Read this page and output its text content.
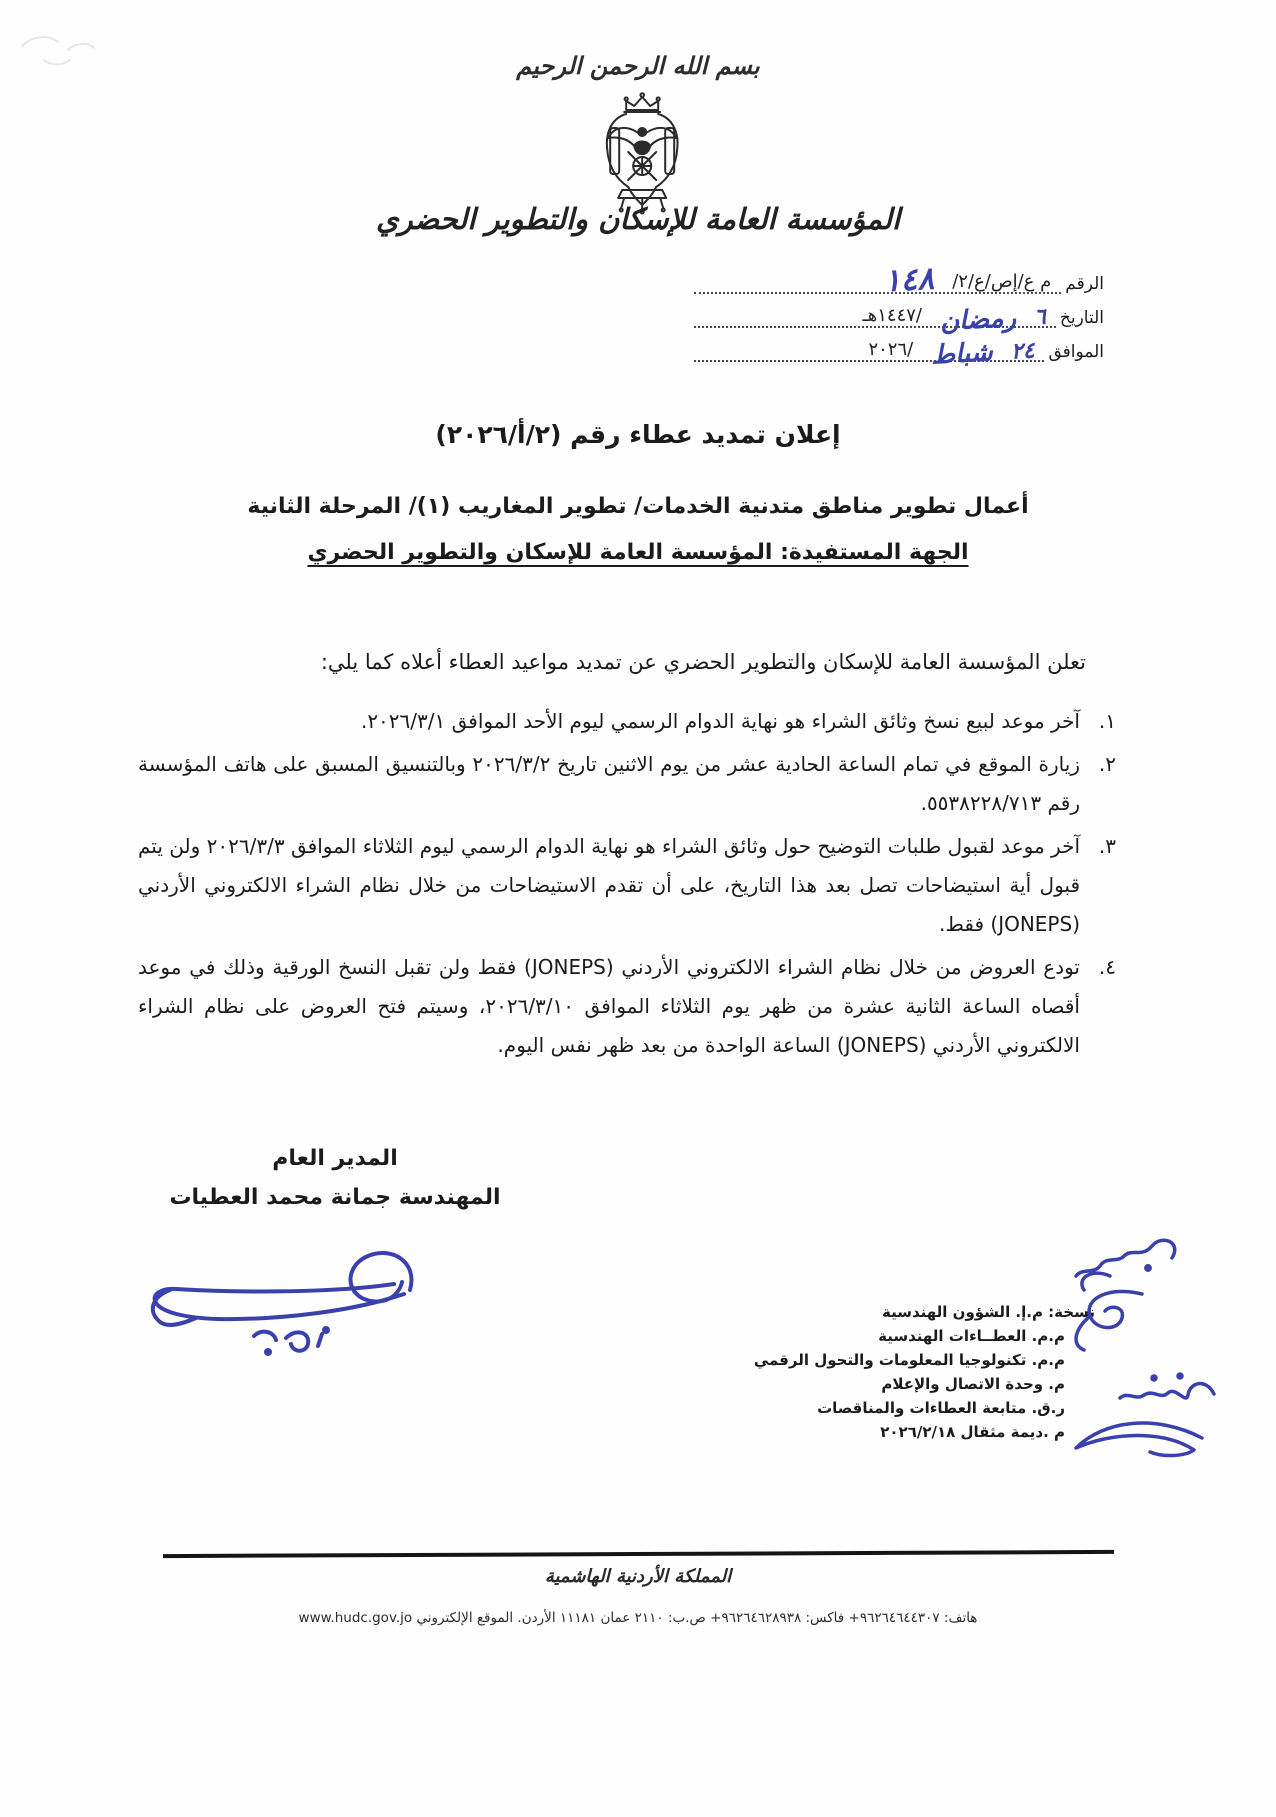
بسم الله الرحمن الرحيم
المؤسسة العامة للإسكان والتطوير الحضري
الرقم
م ع/إص/ع/٢/
١٤٨
التاريخ
٦
رمضان
/١٤٤٧هـ
الموافق
٢٤
شباط
/٢٠٢٦
إعلان تمديد عطاء رقم (٢/أ/٢٠٢٦)
أعمال تطوير مناطق متدنية الخدمات/ تطوير المغاريب (١)/ المرحلة الثانية
الجهة المستفيدة: المؤسسة العامة للإسكان والتطوير الحضري
تعلن المؤسسة العامة للإسكان والتطوير الحضري عن تمديد مواعيد العطاء أعلاه كما يلي:
١.
آخر موعد لبيع نسخ وثائق الشراء هو نهاية الدوام الرسمي ليوم الأحد الموافق ٢٠٢٦/٣/١.
٢.
زيارة الموقع في تمام الساعة الحادية عشر من يوم الاثنين تاريخ ٢٠٢٦/٣/٢ وبالتنسيق المسبق على هاتف المؤسسة رقم ٥٥٣٨٢٢٨/٧١٣.
٣.
آخر موعد لقبول طلبات التوضيح حول وثائق الشراء هو نهاية الدوام الرسمي ليوم الثلاثاء الموافق ٢٠٢٦/٣/٣ ولن يتم قبول أية استيضاحات تصل بعد هذا التاريخ، على أن تقدم الاستيضاحات من خلال نظام الشراء الالكتروني الأردني (JONEPS) فقط.
٤.
تودع العروض من خلال نظام الشراء الالكتروني الأردني (JONEPS) فقط ولن تقبل النسخ الورقية وذلك في موعد أقصاه الساعة الثانية عشرة من ظهر يوم الثلاثاء الموافق ٢٠٢٦/٣/١٠، وسيتم فتح العروض على نظام الشراء الالكتروني الأردني (JONEPS) الساعة الواحدة من بعد ظهر نفس اليوم.
المدير العام
المهندسة جمانة محمد العطيات
نسخة: م.إ. الشؤون الهندسية
م.م. العطــاءات الهندسية
م.م. تكنولوجيا المعلومات والتحول الرقمي
م. وحدة الاتصال والإعلام
ر.ق. متابعة العطاءات والمناقصات
م .ديمة مثقال ٢٠٢٦/٢/١٨
المملكة الأردنية الهاشمية
هاتف: ٩٦٢٦٤٦٤٤٣٠٧+ فاكس: ٩٦٢٦٤٦٢٨٩٣٨+ ص.ب: ٢١١٠ عمان ١١١٨١ الأردن. الموقع الإلكتروني www.hudc.gov.jo
